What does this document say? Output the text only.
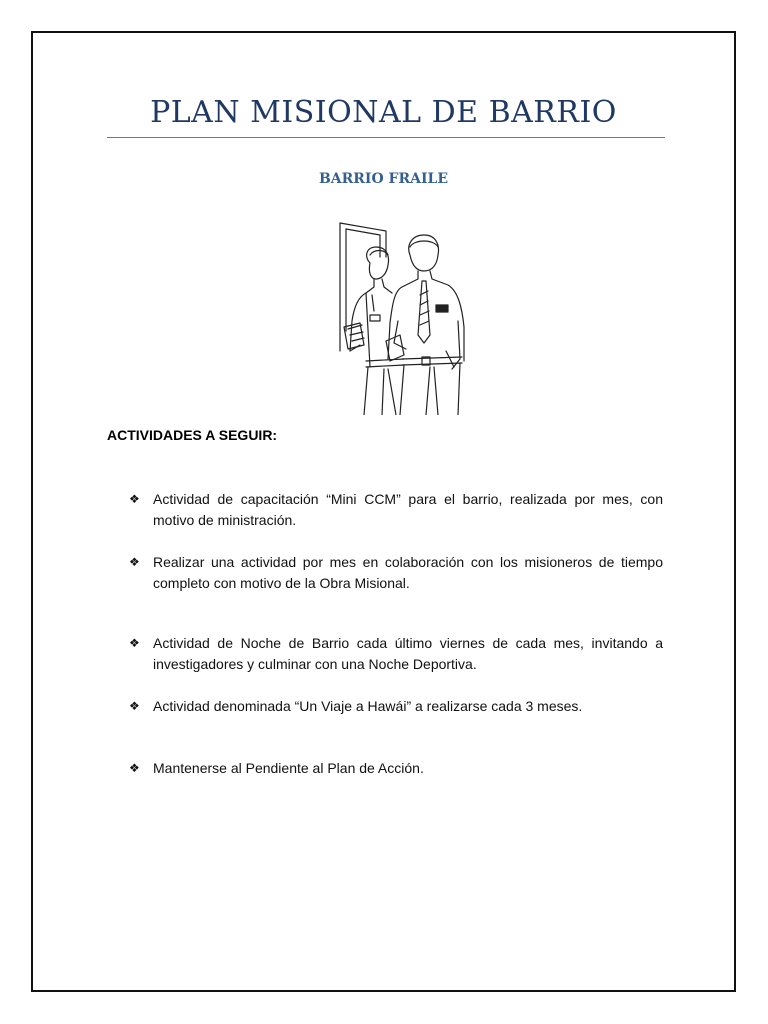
PLAN MISIONAL DE BARRIO
BARRIO FRAILE
ACTIVIDADES A SEGUIR:
❖ Actividad de capacitación “Mini CCM” para el barrio, realizada por mes, con motivo de ministración.
❖ Realizar una actividad por mes en colaboración con los misioneros de tiempo completo con motivo de la Obra Misional.
❖ Actividad de Noche de Barrio cada último viernes de cada mes, invitando a investigadores y culminar con una Noche Deportiva.
❖ Actividad denominada “Un Viaje a Hawái” a realizarse cada 3 meses.
❖ Mantenerse al Pendiente al Plan de Acción.
